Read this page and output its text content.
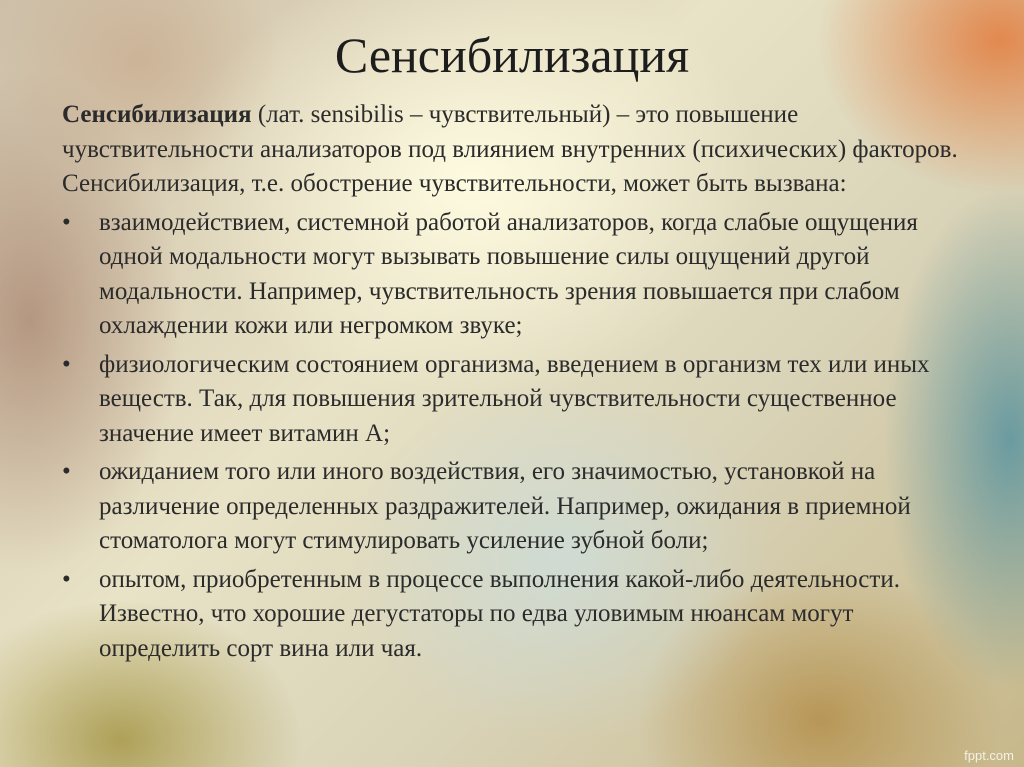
Сенсибилизация

Сенсибилизация (лат. sensibilis – чувствительный) – это повышение чувствительности анализаторов под влиянием внутренних (психических) факторов. Сенсибилизация, т.е. обострение чувствительности, может быть вызвана:

• взаимодействием, системной работой анализаторов, когда слабые ощущения одной модальности могут вызывать повышение силы ощущений другой модальности. Например, чувствительность зрения повышается при слабом охлаждении кожи или негромком звуке;
• физиологическим состоянием организма, введением в организм тех или иных веществ. Так, для повышения зрительной чувствительности существенное значение имеет витамин А;
• ожиданием того или иного воздействия, его значимостью, установкой на различение определенных раздражителей. Например, ожидания в приемной стоматолога могут стимулировать усиление зубной боли;
• опытом, приобретенным в процессе выполнения какой-либо деятельности. Известно, что хорошие дегустаторы по едва уловимым нюансам могут определить сорт вина или чая.
fppt.com
